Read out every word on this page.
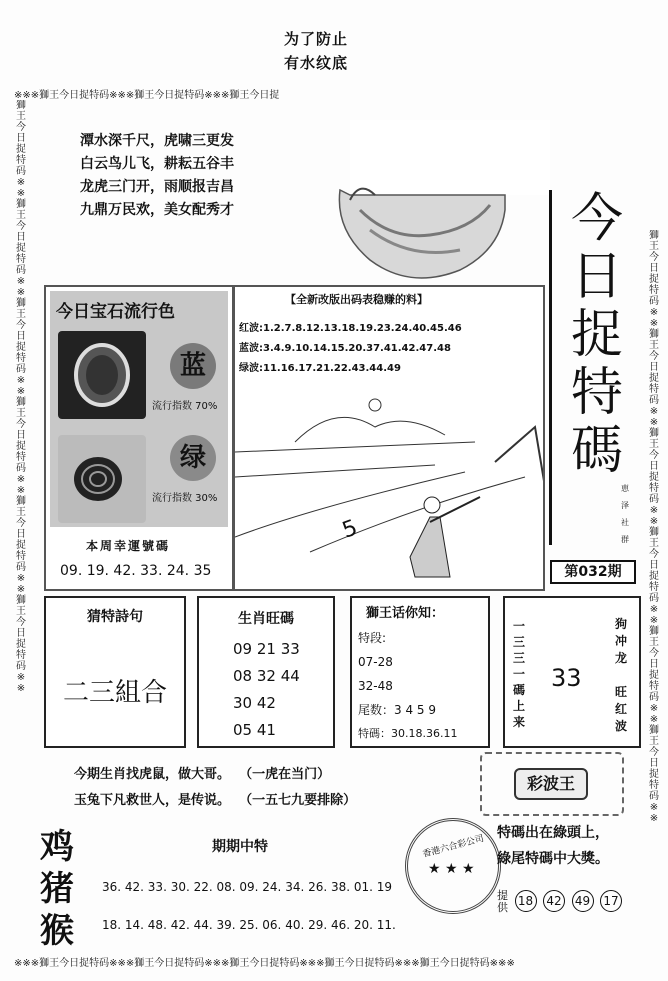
为了防止
有水纹底
※※※獅王今日捉特码※※※獅王今日捉特码※※※獅王今日捉
※※※獅王今日捉特码※※※獅王今日捉特码※※※獅王今日捉特码※※※獅王今日捉特码※※※獅王今日捉特码※※※
獅王今日捉特码※※獅王今日捉特码※※獅王今日捉特码※※獅王今日捉特码※※獅王今日捉特码※※獅王今日捉特码※※
獅王今日捉特码※※獅王今日捉特码※※獅王今日捉特码※※獅王今日捉特码※※獅王今日捉特码※※獅王今日捉特码※※
潭水深千尺，虎啸三更发
白云鸟儿飞，耕耘五谷丰
龙虎三门开，雨顺报吉昌
九鼎万民欢，美女配秀才	今
日
捉
特
碼
恵
泽
社
群
第032期
今日宝石流行色
蓝
流行指数 70%
绿
流行指数 30%
本周幸運號碼
09. 19. 42. 33. 24. 35
【全新改版出码表稳赚的料】
红波:1.2.7.8.12.13.18.19.23.24.40.45.46
蓝波:3.4.9.10.14.15.20.37.41.42.47.48
绿波:11.16.17.21.22.43.44.49
5
猜特詩句
二三組合
生肖旺碼
09 21 33
08 32 44
30 42
05 41
獅王话你知：
特段:
07-28
32-48
尾数：3 4 5 9
特碼：30.18.36.11
一三三一碼上来
33
狗冲龙
旺红波
今期生肖找虎鼠，做大哥。 （一虎在当门）
玉兔下凡救世人，是传说。 （一五七九要排除）
彩波王
香港六合彩公司
★ ★ ★
特碼出在綠頭上，
綠尾特碼中大獎。
提供 18 42 49 17
鸡
猪
猴
期期中特
36. 42. 33. 30. 22. 08. 09. 24. 34. 26. 38. 01. 19
18. 14. 48. 42. 44. 39. 25. 06. 40. 29. 46. 20. 11.
